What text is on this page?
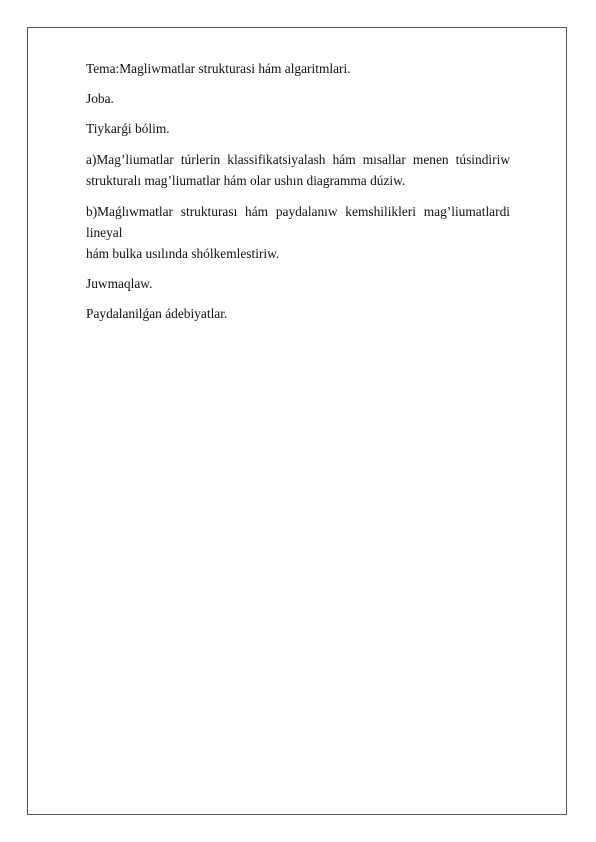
Tema:Magliwmatlar strukturasi hám algaritmlari.

Joba.

Tiykarǵi bólim.

a)Mag’liumatlar túrlerin klassifikatsiyalash hám mısallar menen túsindiriw
strukturalı mag’liumatlar hám olar ushın diagramma dúziw.
b)Maǵlıwmatlar strukturası hám paydalanıw kemshilikleri mag’liumatlardi lineyal
hám bulka usılında shólkemlestiriw.

Juwmaqlaw.

Paydalanilǵan ádebiyatlar.
